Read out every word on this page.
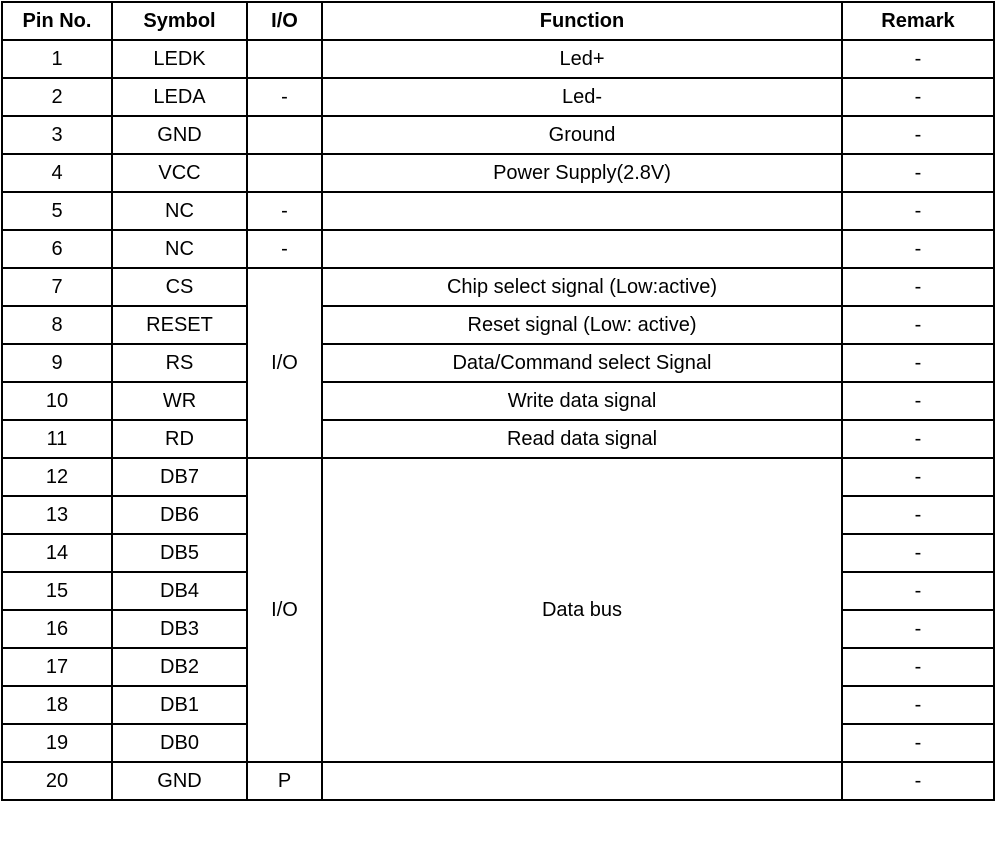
Pin No.	Symbol	I/O	Function	Remark
1	LEDK		Led+	-
2	LEDA	-	Led-	-
3	GND		Ground	-
4	VCC		Power Supply(2.8V)	-
5	NC	-		-
6	NC	-		-
7	CS	I/O	Chip select signal (Low:active)	-
8	RESET		Reset signal (Low: active)	-
9	RS		Data/Command select Signal	-
10	WR		Write data signal	-
11	RD		Read data signal	-
12	DB7	I/O	Data bus	-
13	DB6			-
14	DB5			-
15	DB4			-
16	DB3			-
17	DB2			-
18	DB1			-
19	DB0			-
20	GND	P		-
